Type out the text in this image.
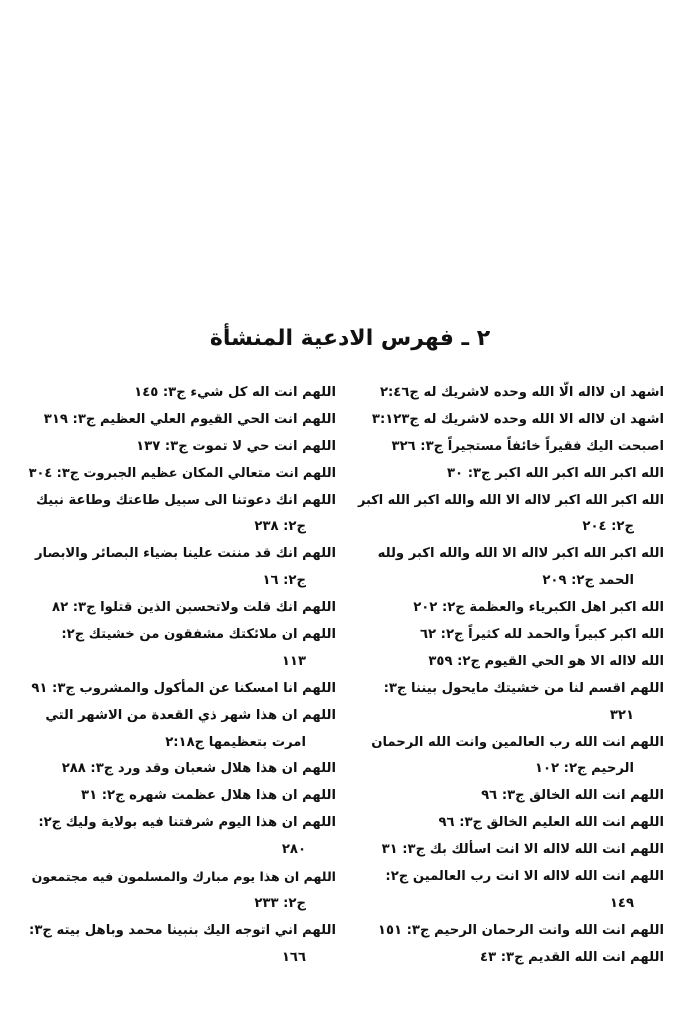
٢ ـ فهرس الادعية المنشأة
اشهد ان لااله الّا الله وحده لاشريك له ج٢:٤٦
اشهد ان لااله الا الله وحده لاشريك له ج٣:١٢٣
اصبحت اليك فقيراً خائفاً مستجيراً ج٣: ٣٢٦
الله اكبر الله اكبر الله اكبر ج٣: ٣٠
الله اكبر الله اكبر لااله الا الله والله اكبر الله اكبر
ج٢: ٢٠٤
الله اكبر الله اكبر لااله الا الله والله اكبر ولله
الحمد ج٢: ٢٠٩
الله اكبر اهل الكبرياء والعظمة ج٢: ٢٠٢
الله اكبر كبيراً والحمد لله كثيراً ج٢: ٦٢
الله لااله الا هو الحي القيوم ج٢: ٣٥٩
اللهم اقسم لنا من خشيتك مايحول بيننا ج٣:
٣٢١
اللهم انت الله رب العالمين وانت الله الرحمان
الرحيم ج٢: ١٠٢
اللهم انت الله الخالق ج٣: ٩٦
اللهم انت الله العليم الخالق ج٣: ٩٦
اللهم انت الله لااله الا انت اسألك بك ج٣: ٣١
اللهم انت الله لااله الا انت رب العالمين ج٢:
١٤٩
اللهم انت الله وانت الرحمان الرحيم ج٣: ١٥١
اللهم انت الله القديم ج٣: ٤٣
اللهم انت اله كل شيء ج٣: ١٤٥
اللهم انت الحي القيوم العلي العظيم ج٣: ٣١٩
اللهم انت حي لا تموت ج٣: ١٣٧
اللهم انت متعالي المكان عظيم الجبروت ج٣: ٣٠٤
اللهم انك دعوتنا الى سبيل طاعتك وطاعة نبيك
ج٢: ٢٣٨
اللهم انك قد مننت علينا بضياء البصائر والابصار
ج٢: ١٦
اللهم انك قلت ولاتحسبن الذين قتلوا ج٣: ٨٢
اللهم ان ملائكتك مشفقون من خشيتك ج٢:
١١٣
اللهم انا امسكنا عن المأكول والمشروب ج٣: ٩١
اللهم ان هذا شهر ذي القعدة من الاشهر التي
امرت بتعظيمها ج٢:١٨
اللهم ان هذا هلال شعبان وقد ورد ج٣: ٢٨٨
اللهم ان هذا هلال عظمت شهره ج٢: ٣١
اللهم ان هذا اليوم شرفتنا فيه بولاية وليك ج٢:
٢٨٠
اللهم ان هذا يوم مبارك والمسلمون فيه مجتمعون
ج٢: ٢٣٣
اللهم اني اتوجه اليك بنبينا محمد وباهل بيته ج٣:
١٦٦
